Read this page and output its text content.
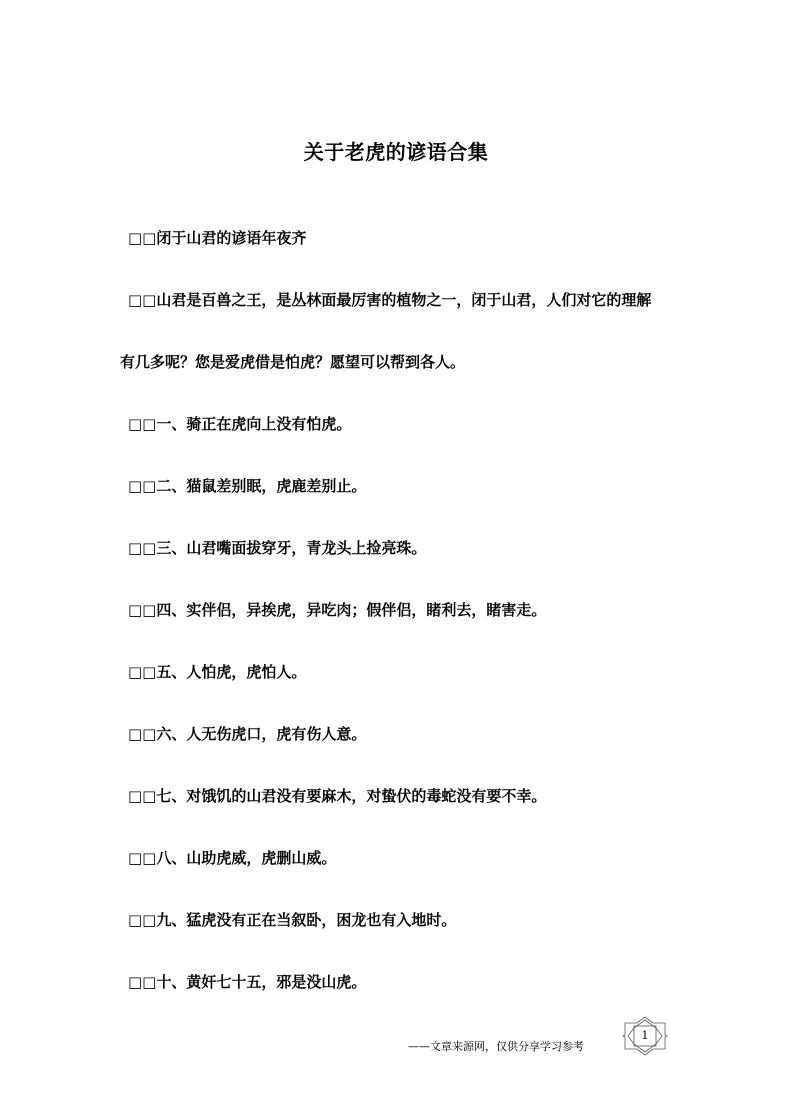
关于老虎的谚语合集
□□闭于山君的谚语年夜齐
□□山君是百兽之王，是丛林面最厉害的植物之一，闭于山君，人们对它的理解
有几多呢？您是爱虎借是怕虎？愿望可以帮到各人。
□□一、骑正在虎向上没有怕虎。
□□二、猫鼠差别眠，虎鹿差别止。
□□三、山君嘴面拔穿牙，青龙头上捡亮珠。
□□四、实伴侣，异挨虎，异吃肉；假伴侣，睹利去，睹害走。
□□五、人怕虎，虎怕人。
□□六、人无伤虎口，虎有伤人意。
□□七、对饿饥的山君没有要麻木，对蛰伏的毒蛇没有要不幸。
□□八、山助虎威，虎删山威。
□□九、猛虎没有正在当叙卧，困龙也有入地时。
□□十、黄奸七十五，邪是没山虎。
——文章来源网，仅供分享学习参考
1
